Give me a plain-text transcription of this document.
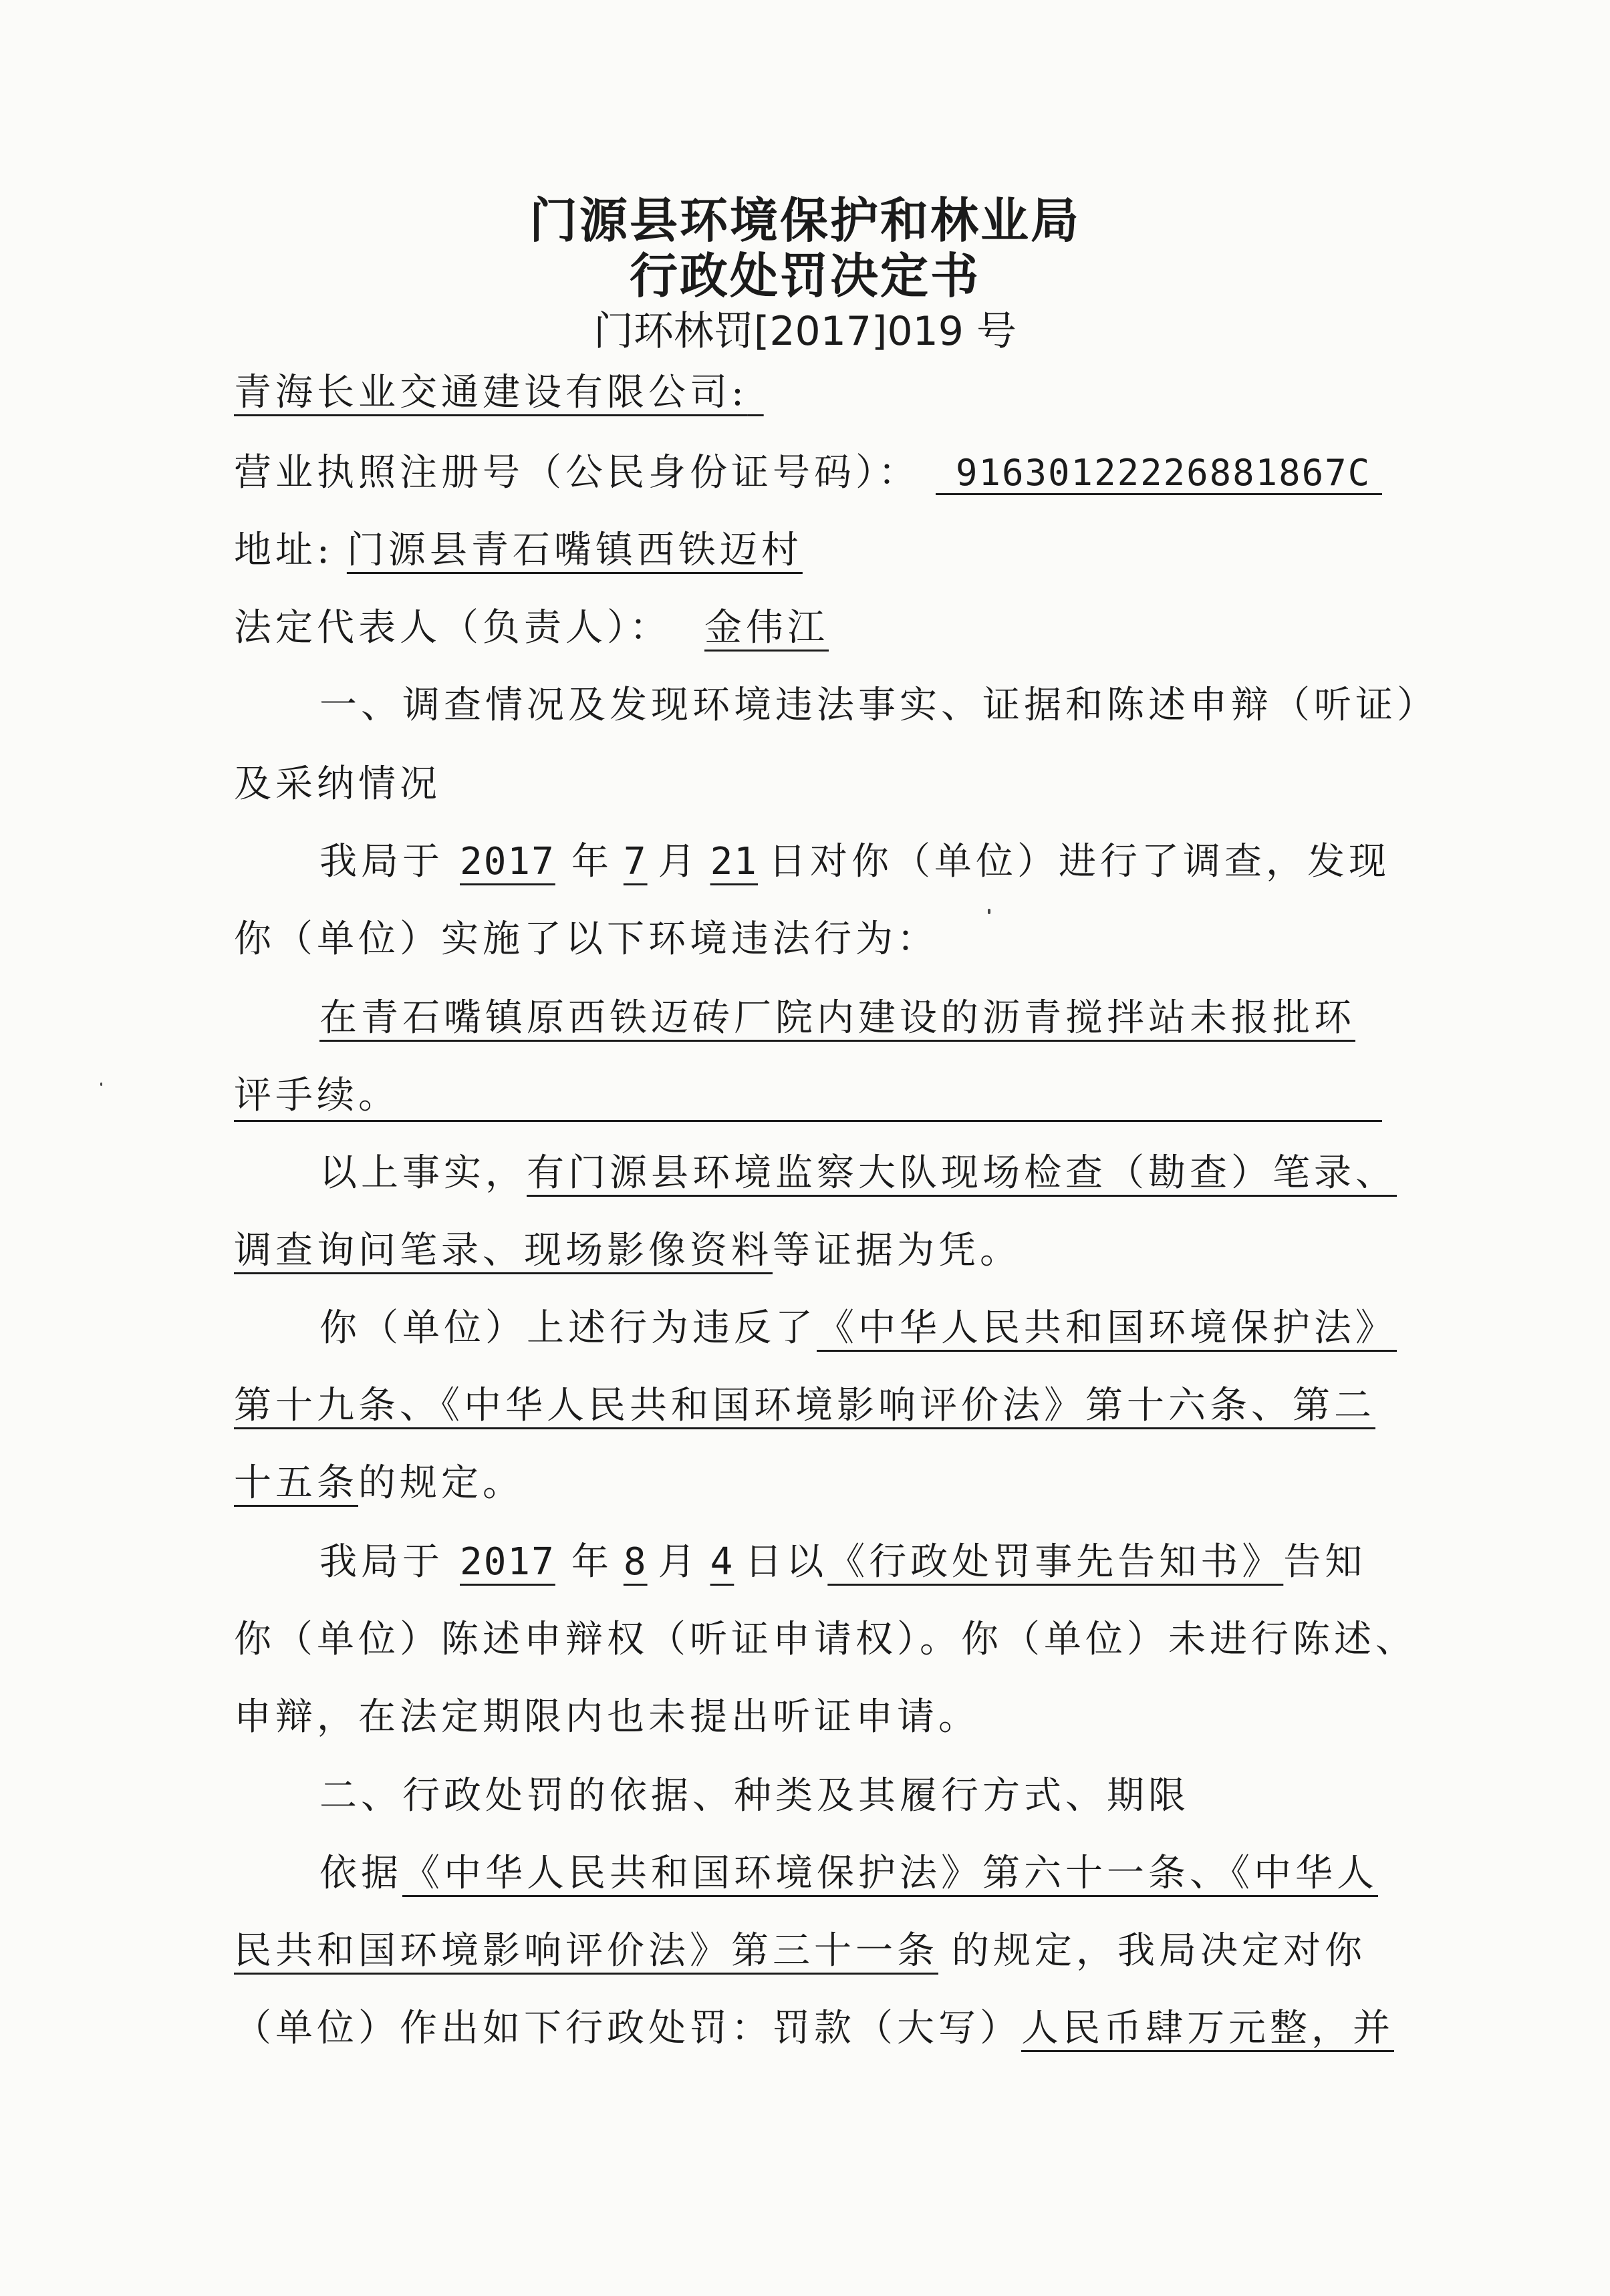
门源县环境保护和林业局
行政处罚决定书
门环林罚[2017]019 号
青海长业交通建设有限公司:
营业执照注册号（公民身份证号码）： 91630122226881867C
地址: 门源县青石嘴镇西铁迈村
法定代表人（负责人）： 金伟江
一、调查情况及发现环境违法事实、证据和陈述申辩（听证）
及采纳情况
我局于 2017 年 7 月 21 日对你（单位）进行了调查，发现
你（单位）实施了以下环境违法行为：
在青石嘴镇原西铁迈砖厂院内建设的沥青搅拌站未报批环
评手续。
以上事实，有门源县环境监察大队现场检查（勘查）笔录、
调查询问笔录、现场影像资料等证据为凭。
你（单位）上述行为违反了《中华人民共和国环境保护法》
第十九条、《中华人民共和国环境影响评价法》第十六条、第二
十五条的规定。
我局于 2017 年 8 月 4 日以《行政处罚事先告知书》告知
你（单位）陈述申辩权（听证申请权）。你（单位）未进行陈述、
申辩，在法定期限内也未提出听证申请。
二、行政处罚的依据、种类及其履行方式、期限
依据《中华人民共和国环境保护法》第六十一条、《中华人
民共和国环境影响评价法》第三十一条 的规定，我局决定对你
（单位）作出如下行政处罚：罚款（大写）人民币肆万元整，并
